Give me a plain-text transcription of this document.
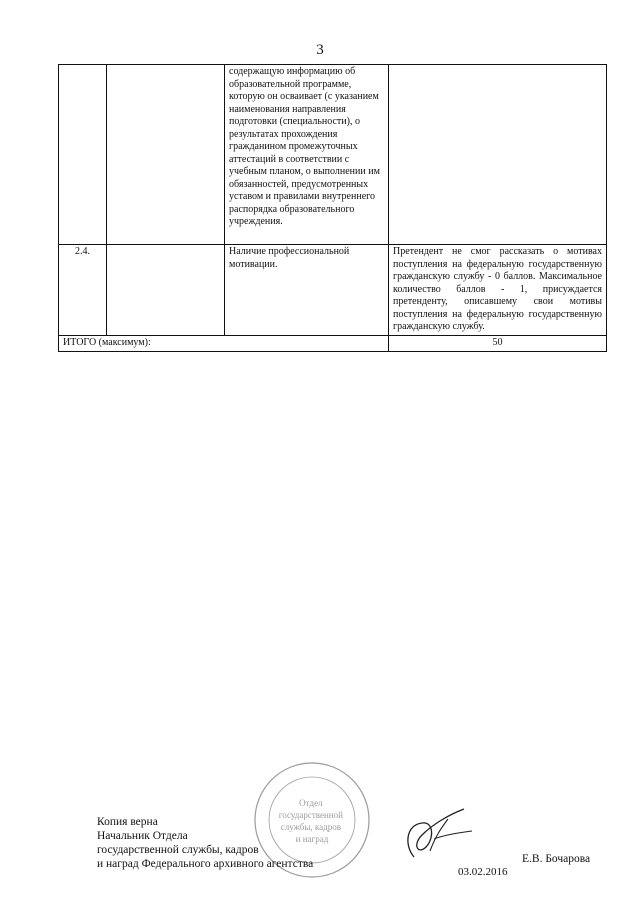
3
		содержащую информацию об образовательной программе, которую он осваивает (с указанием наименования направления подготовки (специальности), о результатах прохождения гражданином промежуточных аттестаций в соответствии с учебным планом, о выполнении им обязанностей, предусмотренных уставом и правилами внутреннего распорядка образовательного учреждения.	
2.4.		Наличие профессиональной мотивации.	Претендент не смог рассказать о мотивах поступления на федеральную государственную гражданскую службу - 0 баллов. Максимальное количество баллов - 1, присуждается претенденту, описавшему свои мотивы поступления на федеральную государственную гражданскую службу.
ИТОГО (максимум):			50
Отдел государственной службы, кадров и наград
Копия верна
Начальник Отдела
государственной службы, кадров
и наград Федерального архивного агентства	Е.В. Бочарова
03.02.2016
